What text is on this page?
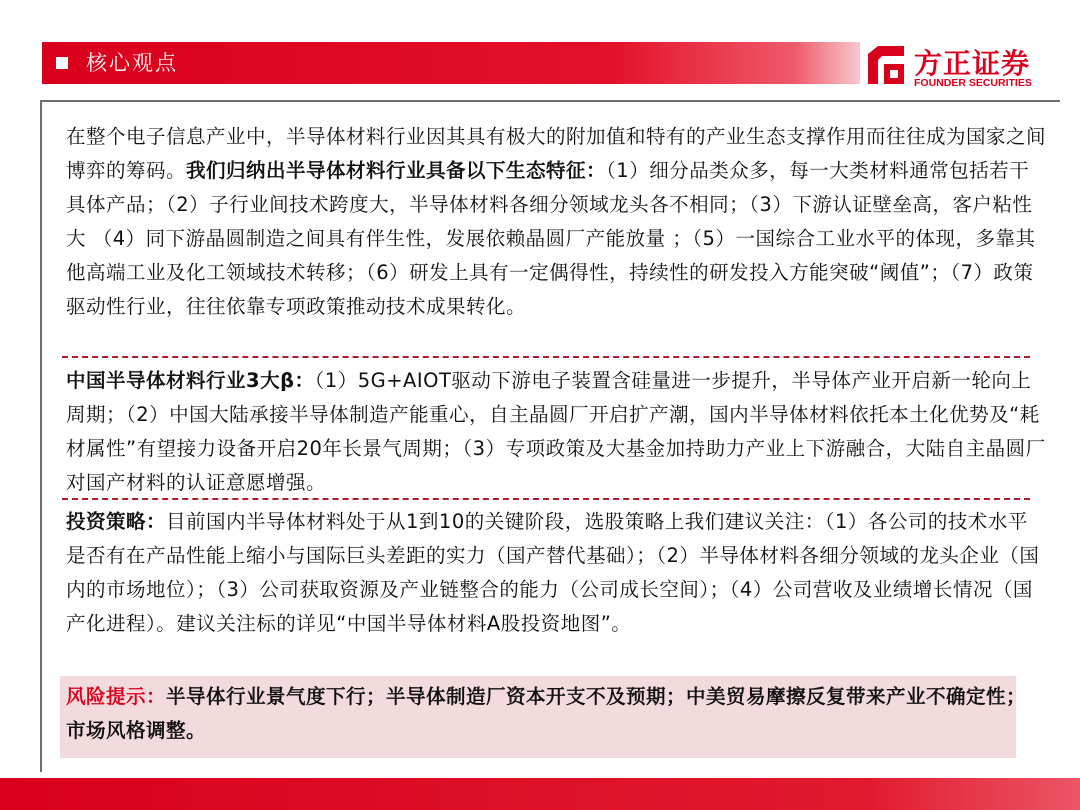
核心观点	方正证券
FOUNDER SECURITIES
在整个电子信息产业中，半导体材料行业因其具有极大的附加值和特有的产业生态支撑作用而往往成为国家之间博弈的筹码。我们归纳出半导体材料行业具备以下生态特征：（1）细分品类众多，每一大类材料通常包括若干具体产品；（2）子行业间技术跨度大，半导体材料各细分领域龙头各不相同；（3）下游认证壁垒高，客户粘性大 （4）同下游晶圆制造之间具有伴生性，发展依赖晶圆厂产能放量 ；（5）一国综合工业水平的体现，多靠其他高端工业及化工领域技术转移；（6）研发上具有一定偶得性，持续性的研发投入方能突破“阈值”；（7）政策驱动性行业，往往依靠专项政策推动技术成果转化。
中国半导体材料行业3大β：（1）5G+AIOT驱动下游电子装置含硅量进一步提升，半导体产业开启新一轮向上周期；（2）中国大陆承接半导体制造产能重心，自主晶圆厂开启扩产潮，国内半导体材料依托本土化优势及“耗材属性”有望接力设备开启20年长景气周期；（3）专项政策及大基金加持助力产业上下游融合，大陆自主晶圆厂对国产材料的认证意愿增强。
投资策略：目前国内半导体材料处于从1到10的关键阶段，选股策略上我们建议关注：（1）各公司的技术水平是否有在产品性能上缩小与国际巨头差距的实力（国产替代基础）；（2）半导体材料各细分领域的龙头企业（国内的市场地位）；（3）公司获取资源及产业链整合的能力（公司成长空间）；（4）公司营收及业绩增长情况（国产化进程）。建议关注标的详见“中国半导体材料A股投资地图”。
风险提示：半导体行业景气度下行；半导体制造厂资本开支不及预期；中美贸易摩擦反复带来产业不确定性；市场风格调整。
